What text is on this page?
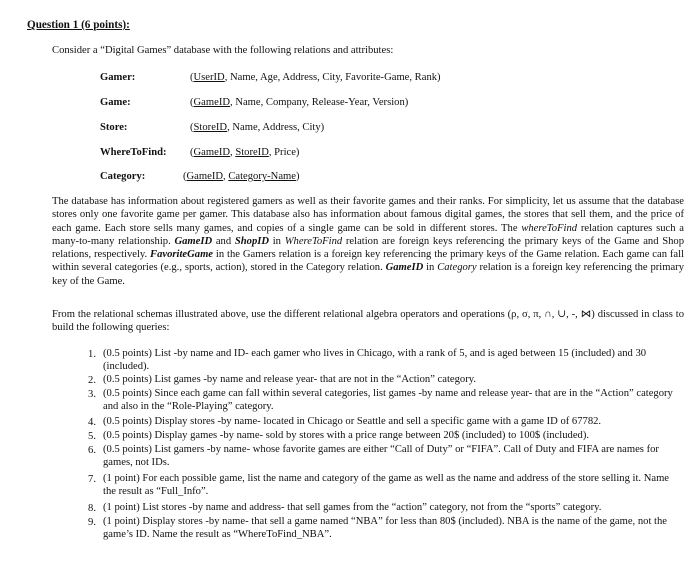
Question 1 (6 points):
Consider a “Digital Games” database with the following relations and attributes:
Gamer:	(UserID, Name, Age, Address, City, Favorite-Game, Rank)
Game:	(GameID, Name, Company, Release-Year, Version)
Store:	(StoreID, Name, Address, City)
WhereToFind: (GameID, StoreID, Price)
Category:	(GameID, Category-Name)
The database has information about registered gamers as well as their favorite games and their ranks. For simplicity, let us assume that the database stores only one favorite game per gamer. This database also has information about famous digital games, the stores that sell them, and the price of each game. Each store sells many games, and copies of a single game can be sold in different stores. The whereToFind relation captures such a many-to-many relationship. GameID and ShopID in WhereToFind relation are foreign keys referencing the primary keys of the Game and Shop relations, respectively. FavoriteGame in the Gamers relation is a foreign key referencing the primary keys of the Game relation. Each game can fall within several categories (e.g., sports, action), stored in the Category relation. GameID in Category relation is a foreign key referencing the primary key of the Game.
From the relational schemas illustrated above, use the different relational algebra operators and operations (ρ, σ, π, ∩, ∪, -, ⋈) discussed in class to build the following queries:
1. (0.5 points) List -by name and ID- each gamer who lives in Chicago, with a rank of 5, and is aged between 15 (included) and 30 (included).
2. (0.5 points) List games -by name and release year- that are not in the “Action” category.
3. (0.5 points) Since each game can fall within several categories, list games -by name and release year- that are in the “Action” category and also in the “Role-Playing” category.
4. (0.5 points) Display stores -by name- located in Chicago or Seattle and sell a specific game with a game ID of 67782.
5. (0.5 points) Display games -by name- sold by stores with a price range between 20$ (included) to 100$ (included).
6. (0.5 points) List gamers -by name- whose favorite games are either “Call of Duty” or “FIFA”. Call of Duty and FIFA are names for games, not IDs.
7. (1 point) For each possible game, list the name and category of the game as well as the name and address of the store selling it. Name the result as “Full_Info”.
8. (1 point) List stores -by name and address- that sell games from the “action” category, not from the “sports” category.
9. (1 point) Display stores -by name- that sell a game named “NBA” for less than 80$ (included). NBA is the name of the game, not the game’s ID. Name the result as “WhereToFind_NBA”.
